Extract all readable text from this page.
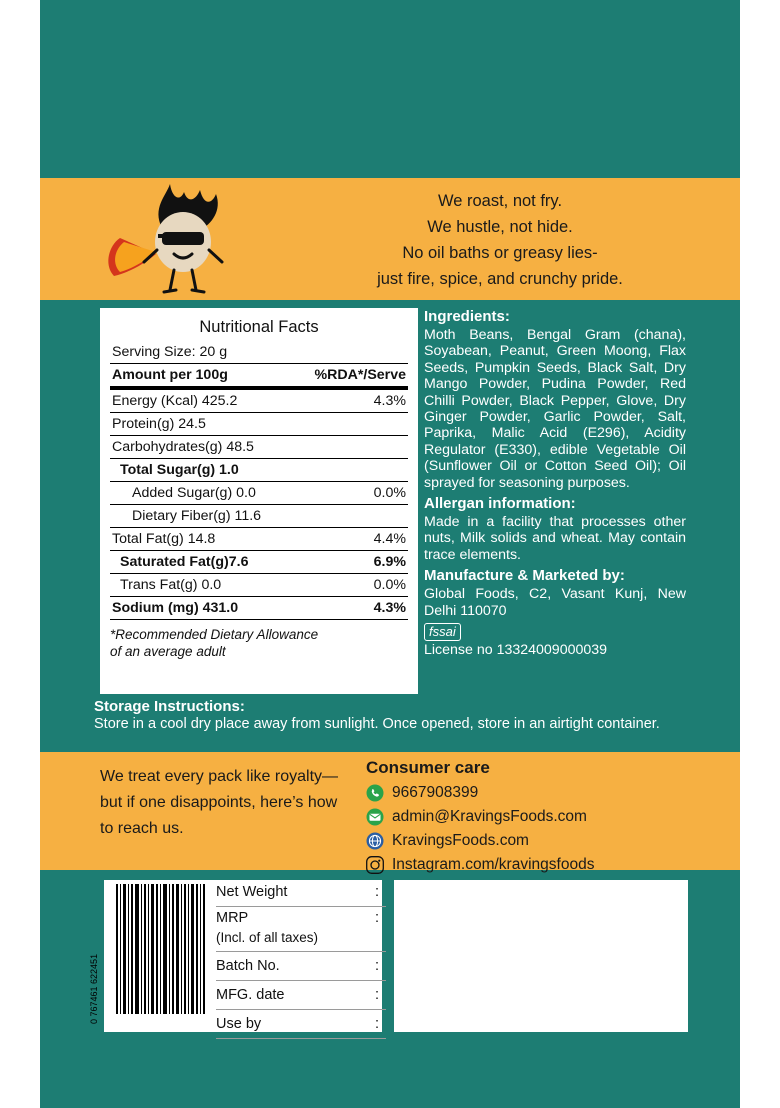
We roast, not fry.
We hustle, not hide.
No oil baths or greasy lies-
just fire, spice, and crunchy pride.
Nutritional Facts
Serving Size: 20 g	
Amount per 100g	%RDA*/Serve
Energy (Kcal) 425.2	4.3%
Protein(g) 24.5	
Carbohydrates(g) 48.5	
Total Sugar(g) 1.0	
Added Sugar(g) 0.0	0.0%
Dietary Fiber(g) 11.6	
Total Fat(g) 14.8	4.4%
Saturated Fat(g)7.6	6.9%
Trans Fat(g) 0.0	0.0%
Sodium (mg) 431.0	4.3%
*Recommended Dietary Allowance
of an average adult
Ingredients:

Moth Beans, Bengal Gram (chana), Soyabean, Peanut, Green Moong, Flax Seeds, Pumpkin Seeds, Black Salt, Dry Mango Powder, Pudina Powder, Red Chilli Powder, Black Pepper, Glove, Dry Ginger Powder, Garlic Powder, Salt, Paprika, Malic Acid (E296), Acidity Regulator (E330), edible Vegetable Oil (Sunflower Oil or Cotton Seed Oil); Oil sprayed for seasoning purposes.

Allergan information:

Made in a facility that processes other nuts, Milk solids and wheat. May contain trace elements.

Manufacture & Marketed by:

Global Foods, C2, Vasant Kunj, New Delhi 110070

fssai

License no 13324009000039

Storage Instructions:

Store in a cool dry place away from sunlight. Once opened, store in an airtight container.

We treat every pack like royalty—but if one disappoints, here’s how to reach us.
Consumer care
9667908399
admin@KravingsFoods.com
KravingsFoods.com
Instagram.com/kravingsfoods
0 767461 622451
Net Weight	:
MRP
(Incl. of all taxes)
:
Batch No.	:
MFG. date	:
Use by	:
